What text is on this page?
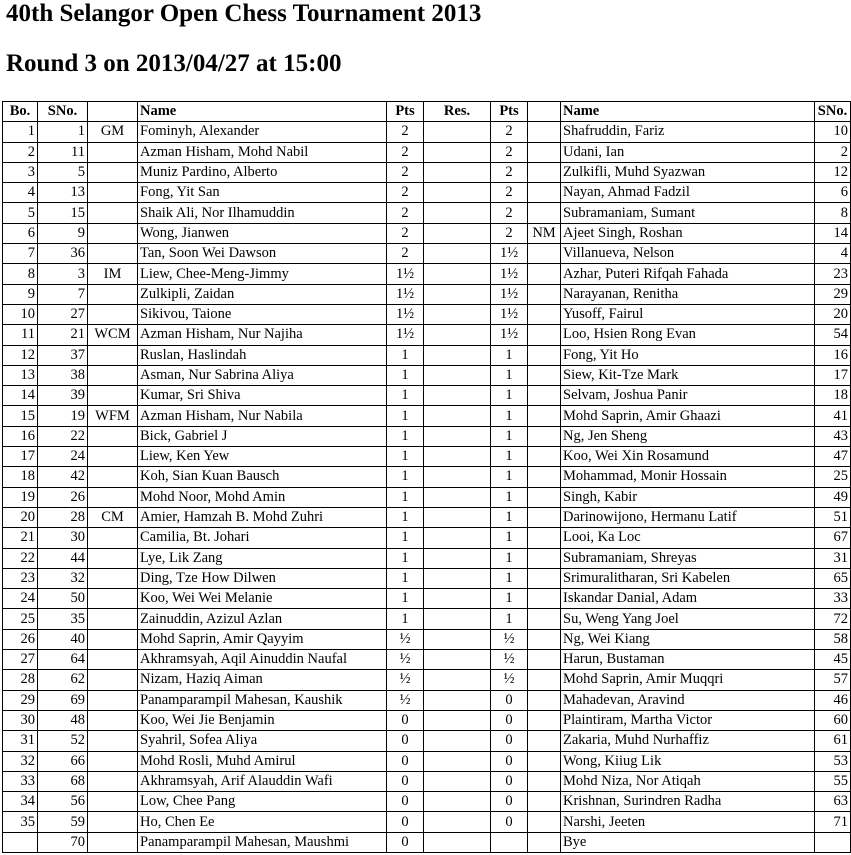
40th Selangor Open Chess Tournament 2013
Round 3 on 2013/04/27 at 15:00
Bo.	SNo.		Name	Pts	Res.	Pts		Name	SNo.
1	1	GM	Fominyh, Alexander	2		2		Shafruddin, Fariz	10
2	11		Azman Hisham, Mohd Nabil	2		2		Udani, Ian	2
3	5		Muniz Pardino, Alberto	2		2		Zulkifli, Muhd Syazwan	12
4	13		Fong, Yit San	2		2		Nayan, Ahmad Fadzil	6
5	15		Shaik Ali, Nor Ilhamuddin	2		2		Subramaniam, Sumant	8
6	9		Wong, Jianwen	2		2	NM	Ajeet Singh, Roshan	14
7	36		Tan, Soon Wei Dawson	2		1½		Villanueva, Nelson	4
8	3	IM	Liew, Chee-Meng-Jimmy	1½		1½		Azhar, Puteri Rifqah Fahada	23
9	7		Zulkipli, Zaidan	1½		1½		Narayanan, Renitha	29
10	27		Sikivou, Taione	1½		1½		Yusoff, Fairul	20
11	21	WCM	Azman Hisham, Nur Najiha	1½		1½		Loo, Hsien Rong Evan	54
12	37		Ruslan, Haslindah	1		1		Fong, Yit Ho	16
13	38		Asman, Nur Sabrina Aliya	1		1		Siew, Kit-Tze Mark	17
14	39		Kumar, Sri Shiva	1		1		Selvam, Joshua Panir	18
15	19	WFM	Azman Hisham, Nur Nabila	1		1		Mohd Saprin, Amir Ghaazi	41
16	22		Bick, Gabriel J	1		1		Ng, Jen Sheng	43
17	24		Liew, Ken Yew	1		1		Koo, Wei Xin Rosamund	47
18	42		Koh, Sian Kuan Bausch	1		1		Mohammad, Monir Hossain	25
19	26		Mohd Noor, Mohd Amin	1		1		Singh, Kabir	49
20	28	CM	Amier, Hamzah B. Mohd Zuhri	1		1		Darinowijono, Hermanu Latif	51
21	30		Camilia, Bt. Johari	1		1		Looi, Ka Loc	67
22	44		Lye, Lik Zang	1		1		Subramaniam, Shreyas	31
23	32		Ding, Tze How Dilwen	1		1		Srimuralitharan, Sri Kabelen	65
24	50		Koo, Wei Wei Melanie	1		1		Iskandar Danial, Adam	33
25	35		Zainuddin, Azizul Azlan	1		1		Su, Weng Yang Joel	72
26	40		Mohd Saprin, Amir Qayyim	½		½		Ng, Wei Kiang	58
27	64		Akhramsyah, Aqil Ainuddin Naufal	½		½		Harun, Bustaman	45
28	62		Nizam, Haziq Aiman	½		½		Mohd Saprin, Amir Muqqri	57
29	69		Panamparampil Mahesan, Kaushik	½		0		Mahadevan, Aravind	46
30	48		Koo, Wei Jie Benjamin	0		0		Plaintiram, Martha Victor	60
31	52		Syahril, Sofea Aliya	0		0		Zakaria, Muhd Nurhaffiz	61
32	66		Mohd Rosli, Muhd Amirul	0		0		Wong, Kiiug Lik	53
33	68		Akhramsyah, Arif Alauddin Wafi	0		0		Mohd Niza, Nor Atiqah	55
34	56		Low, Chee Pang	0		0		Krishnan, Surindren Radha	63
35	59		Ho, Chen Ee	0		0		Narshi, Jeeten	71
	70		Panamparampil Mahesan, Maushmi	0				Bye	
